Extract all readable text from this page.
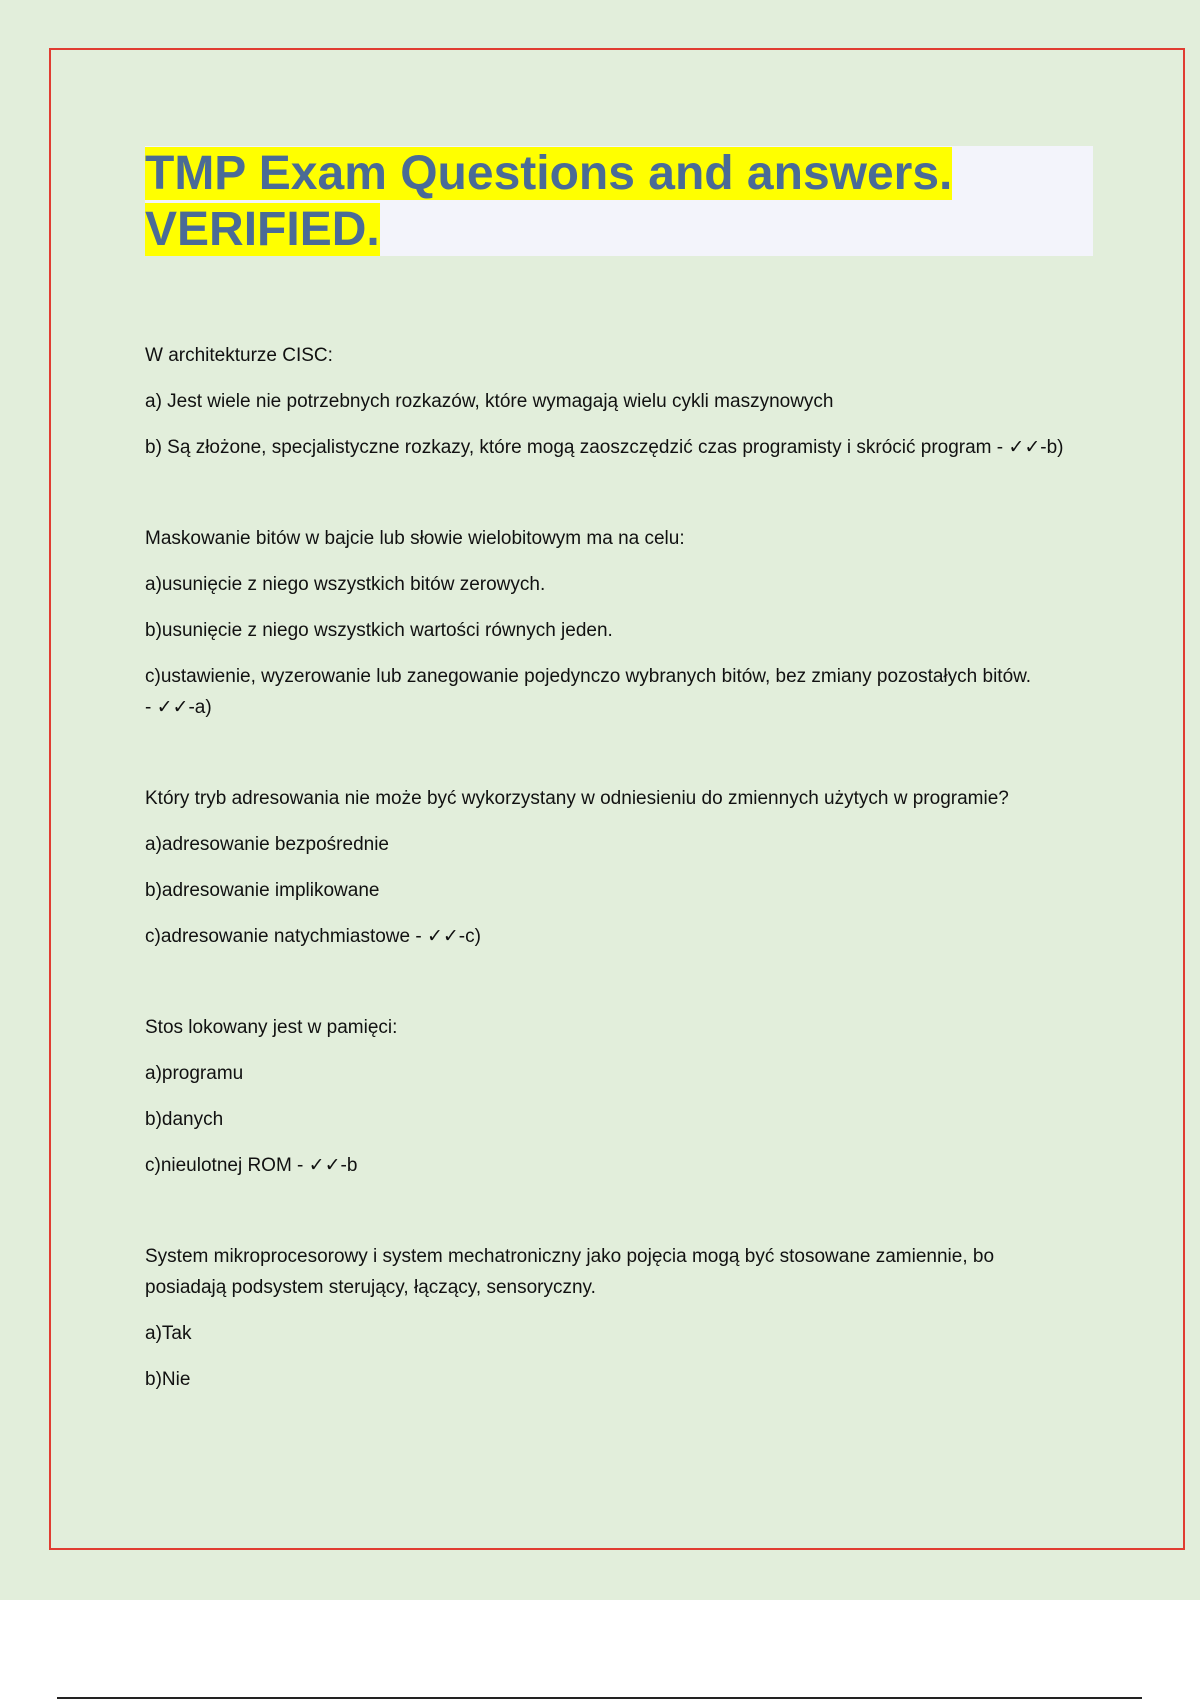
TMP Exam Questions and answers.
VERIFIED.

W architekturze CISC:

a) Jest wiele nie potrzebnych rozkazów, które wymagają wielu cykli maszynowych

b) Są złożone, specjalistyczne rozkazy, które mogą zaoszczędzić czas programisty i skrócić program - ✓✓-b)

Maskowanie bitów w bajcie lub słowie wielobitowym ma na celu:

a)usunięcie z niego wszystkich bitów zerowych.

b)usunięcie z niego wszystkich wartości równych jeden.

c)ustawienie, wyzerowanie lub zanegowanie pojedynczo wybranych bitów, bez zmiany pozostałych bitów. - ✓✓-a)

Który tryb adresowania nie może być wykorzystany w odniesieniu do zmiennych użytych w programie?

a)adresowanie bezpośrednie

b)adresowanie implikowane

c)adresowanie natychmiastowe - ✓✓-c)

Stos lokowany jest w pamięci:

a)programu

b)danych

c)nieulotnej ROM - ✓✓-b

System mikroprocesorowy i system mechatroniczny jako pojęcia mogą być stosowane zamiennie, bo posiadają podsystem sterujący, łączący, sensoryczny.

a)Tak

b)Nie
